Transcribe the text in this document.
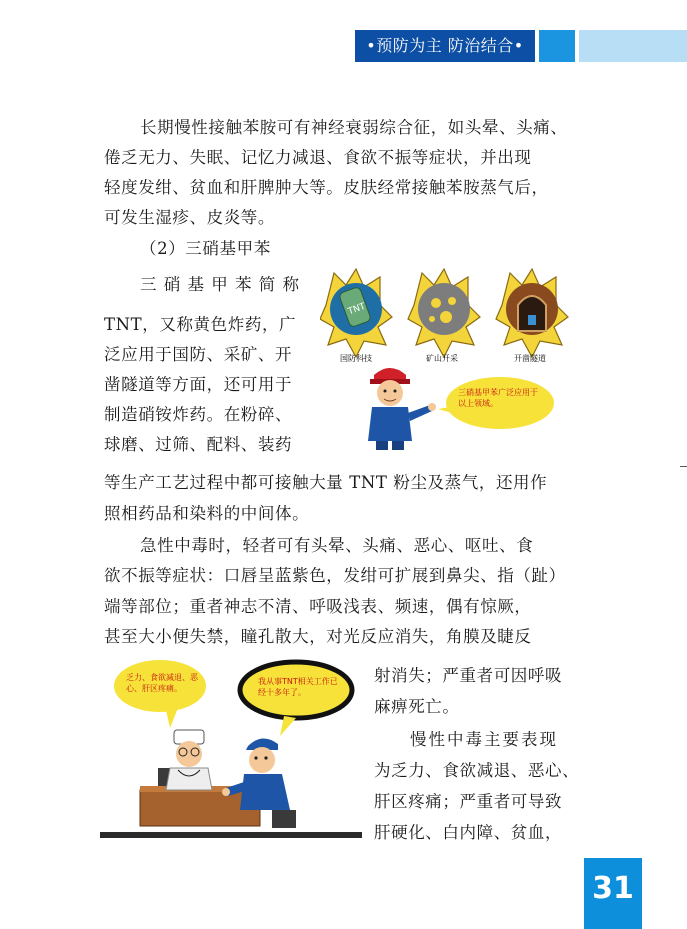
•预防为主 防治结合•
长期慢性接触苯胺可有神经衰弱综合征，如头晕、头痛、
倦乏无力、失眠、记忆力减退、食欲不振等症状，并出现
轻度发绀、贫血和肝脾肿大等。皮肤经常接触苯胺蒸气后，
可发生湿疹、皮炎等。
（2）三硝基甲苯
三 硝 基 甲 苯 简 称
TNT，又称黄色炸药，广
泛应用于国防、采矿、开
凿隧道等方面，还可用于
制造硝铵炸药。在粉碎、
球磨、过筛、配料、装药
TNT
国防科技	矿山开采	开凿隧道
三硝基甲苯广泛应用于以上领域。
等生产工艺过程中都可接触大量 TNT 粉尘及蒸气，还用作
照相药品和染料的中间体。
急性中毒时，轻者可有头晕、头痛、恶心、呕吐、食
欲不振等症状：口唇呈蓝紫色，发绀可扩展到鼻尖、指（趾）
端等部位；重者神志不清、呼吸浅表、频速，偶有惊厥，
甚至大小便失禁，瞳孔散大，对光反应消失，角膜及睫反
乏力、食欲减退、恶心、肝区疼痛。
我从事TNT相关工作已经十多年了。
射消失；严重者可因呼吸
麻痹死亡。
慢性中毒主要表现
为乏力、食欲减退、恶心、
肝区疼痛；严重者可导致
肝硬化、白内障、贫血，
31
